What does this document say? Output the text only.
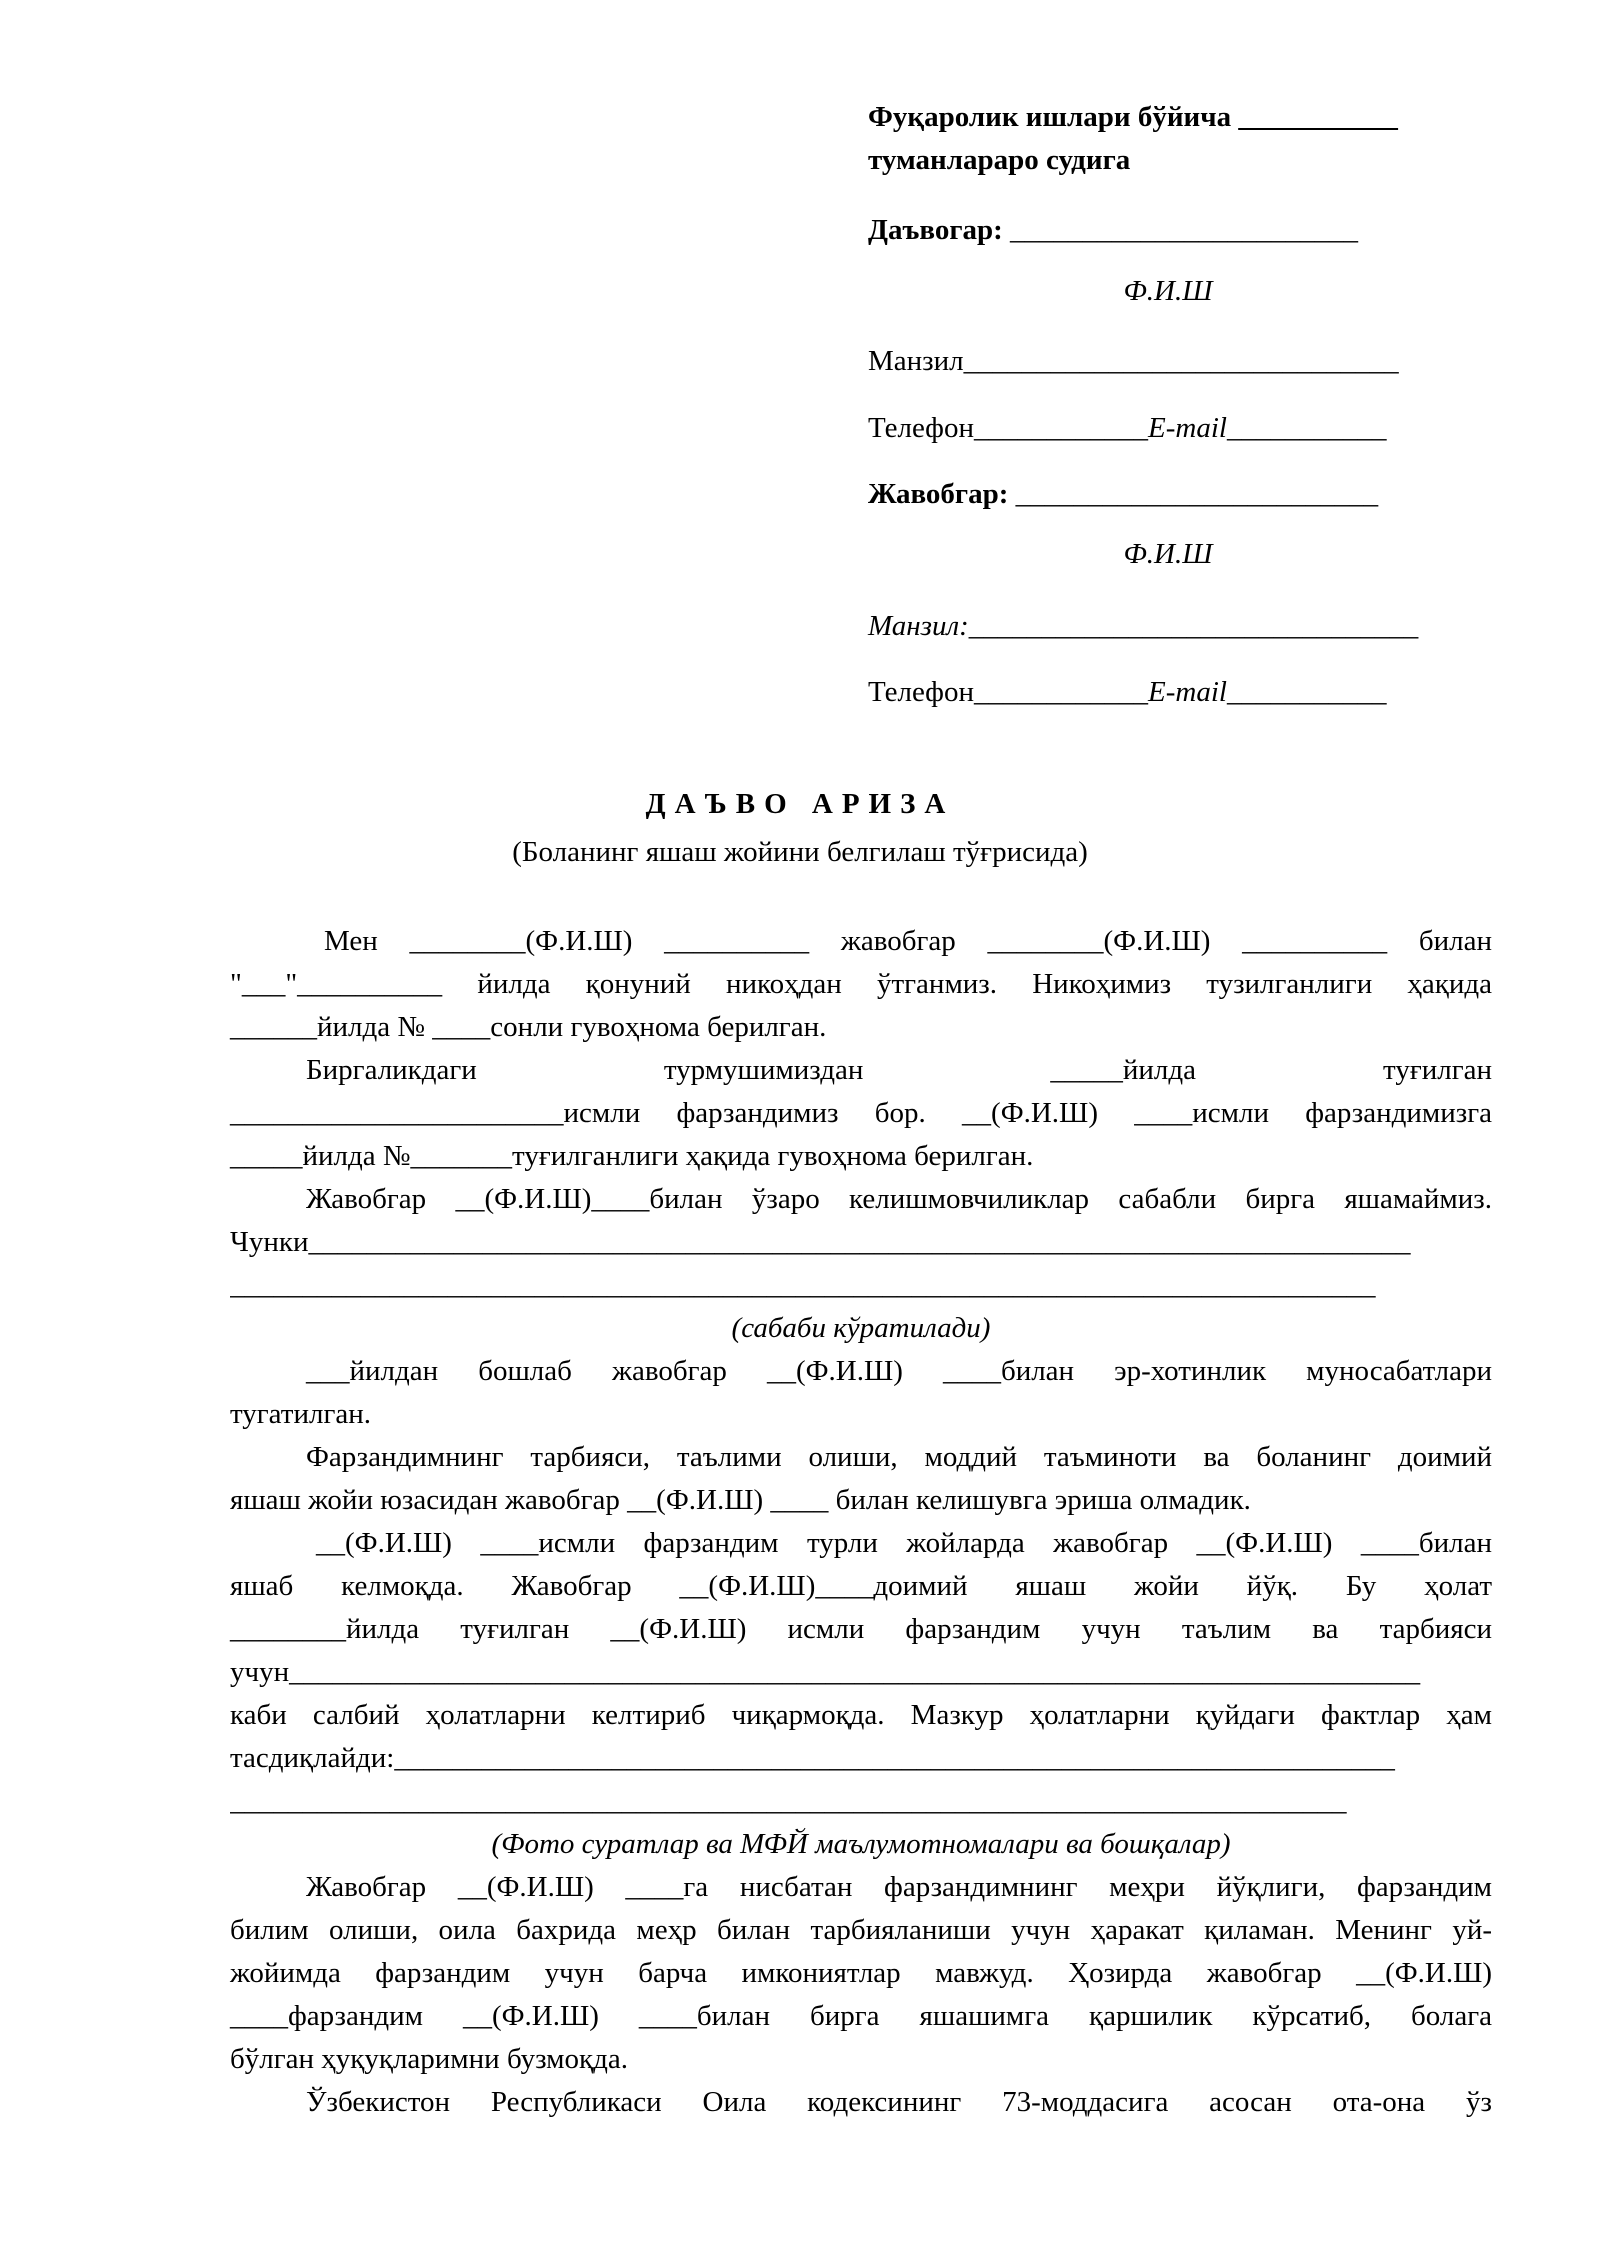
Фуқаролик ишлари бўйича ___________
туманлараро судига
Даъвогар: ________________________
Ф.И.Ш
Манзил______________________________
Телефон____________E-mail___________
Жавобгар: _________________________
Ф.И.Ш
Манзил:_______________________________
Телефон____________E-mail___________
ДАЪВО АРИЗА
(Боланинг яшаш жойини белгилаш тўғрисида)
Мен ________(Ф.И.Ш) __________ жавобгар ________(Ф.И.Ш) __________ билан
"___"__________ йилда қонуний никоҳдан ўтганмиз. Никоҳимиз тузилганлиги ҳақида
______йилда № ____сонли гувоҳнома берилган.
Биргаликдаги турмушимиздан _____йилда туғилган
_______________________исмли фарзандимиз бор. __(Ф.И.Ш) ____исмли фарзандимизга
_____йилда №_______туғилганлиги ҳақида гувоҳнома берилган.
Жавобгар __(Ф.И.Ш)____билан ўзаро келишмовчиликлар сабабли бирга яшамаймиз.
Чунки____________________________________________________________________________
_______________________________________________________________________________
(сабаби кўратилади)
___йилдан бошлаб жавобгар __(Ф.И.Ш) ____билан эр-хотинлик муносабатлари
тугатилган.
Фарзандимнинг тарбияси, таълими олиши, моддий таъминоти ва боланинг доимий
яшаш жойи юзасидан жавобгар __(Ф.И.Ш) ____ билан келишувга эриша олмадик.
__(Ф.И.Ш) ____исмли фарзандим турли жойларда жавобгар __(Ф.И.Ш) ____билан
яшаб келмоқда. Жавобгар __(Ф.И.Ш)____доимий яшаш жойи йўқ. Бу ҳолат
________йилда туғилган __(Ф.И.Ш) исмли фарзандим учун таълим ва тарбияси
учун______________________________________________________________________________
каби салбий ҳолатларни келтириб чиқармоқда. Мазкур ҳолатларни қуйдаги фактлар ҳам
тасдиқлайди:_____________________________________________________________________
_____________________________________________________________________________
(Фото суратлар ва МФЙ маълумотномалари ва бошқалар)
Жавобгар __(Ф.И.Ш) ____га нисбатан фарзандимнинг меҳри йўқлиги, фарзандим
билим олиши, оила бахрида меҳр билан тарбияланиши учун ҳаракат қиламан. Менинг уй-
жойимда фарзандим учун барча имкониятлар мавжуд. Ҳозирда жавобгар __(Ф.И.Ш)
____фарзандим __(Ф.И.Ш) ____билан бирга яшашимга қаршилик кўрсатиб, болага
бўлган ҳуқуқларимни бузмоқда.
Ўзбекистон Республикаси Оила кодексининг 73-моддасига асосан ота-она ўз
